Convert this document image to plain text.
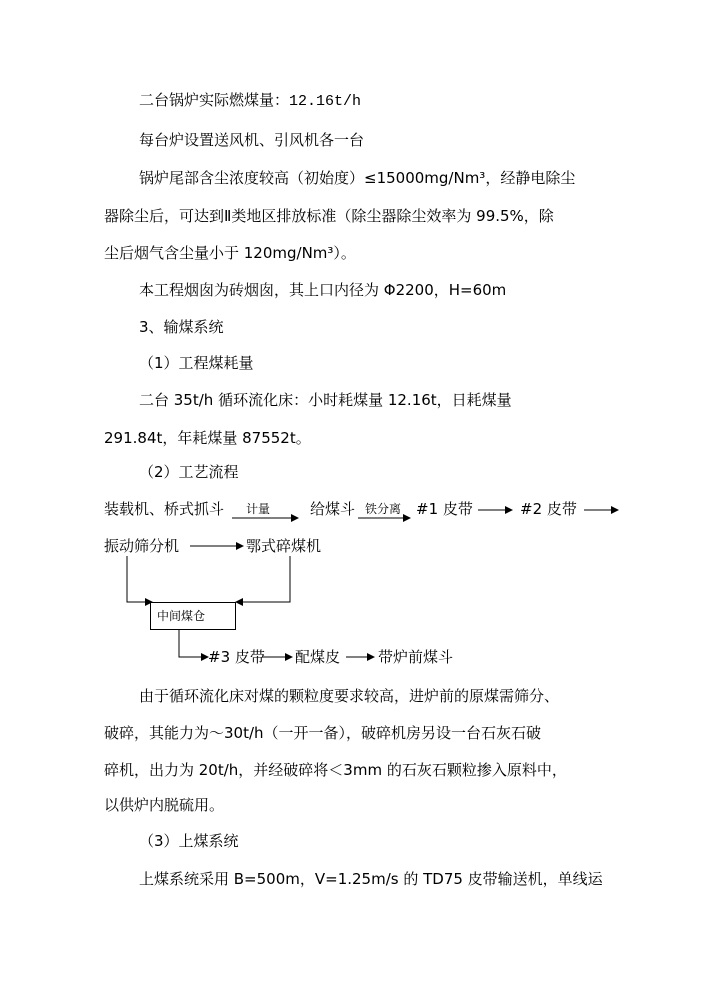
二台锅炉实际燃煤量：12.16t/h
每台炉设置送风机、引风机各一台
锅炉尾部含尘浓度较高（初始度）≤15000mg/Nm³，经静电除尘
器除尘后，可达到Ⅱ类地区排放标准（除尘器除尘效率为 99.5%，除
尘后烟气含尘量小于 120mg/Nm³）。
本工程烟囱为砖烟囱，其上口内径为 Φ2200，H=60m
3、输煤系统
（1）工程煤耗量
二台 35t/h 循环流化床：小时耗煤量 12.16t，日耗煤量
291.84t，年耗煤量 87552t。
（2）工艺流程
装载机、桥式抓斗 计量	给煤斗 铁分离 #1 皮带	#2 皮带
振动筛分机	鄂式碎煤机
中间煤仓
#3 皮带 配煤皮	带炉前煤斗
由于循环流化床对煤的颗粒度要求较高，进炉前的原煤需筛分、
破碎，其能力为～30t/h（一开一备），破碎机房另设一台石灰石破
碎机，出力为 20t/h，并经破碎将＜3mm 的石灰石颗粒掺入原料中，
以供炉内脱硫用。
（3）上煤系统
上煤系统采用 B=500m，V=1.25m/s 的 TD75 皮带输送机，单线运
